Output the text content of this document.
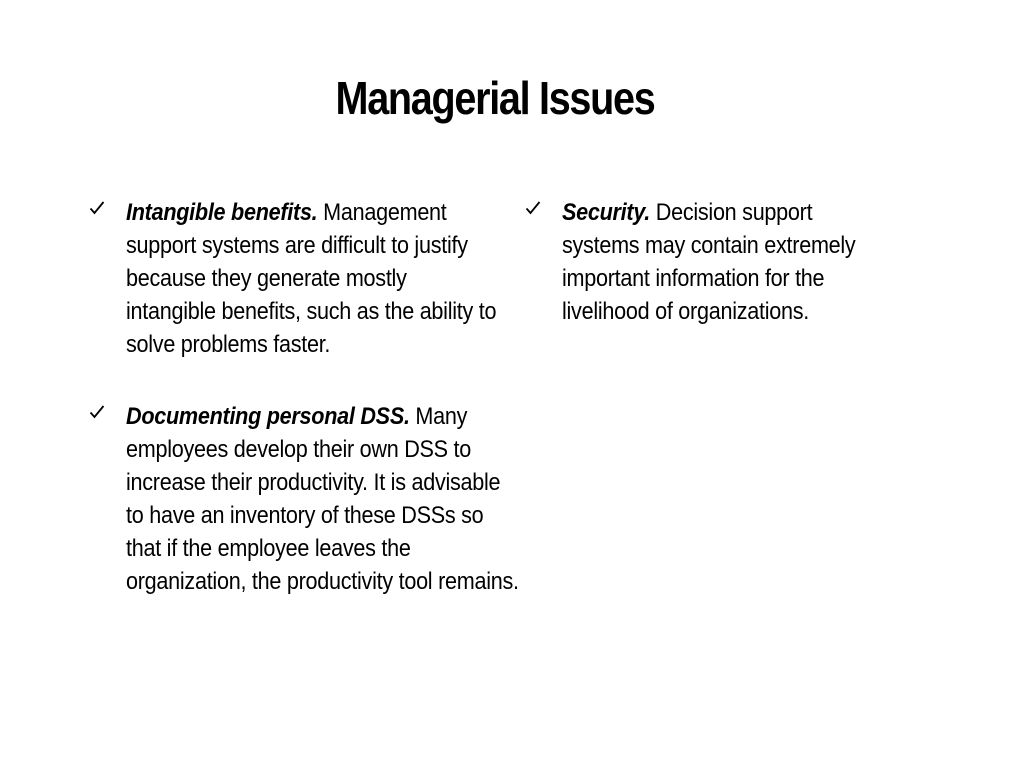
Managerial Issues
Intangible benefits. Management support systems are difficult to justify because they generate mostly intangible benefits, such as the ability to solve problems faster.
Documenting personal DSS. Many employees develop their own DSS to increase their productivity. It is advisable to have an inventory of these DSSs so that if the employee leaves the organization, the productivity tool remains.
Security. Decision support systems may contain extremely important information for the livelihood of organizations.
